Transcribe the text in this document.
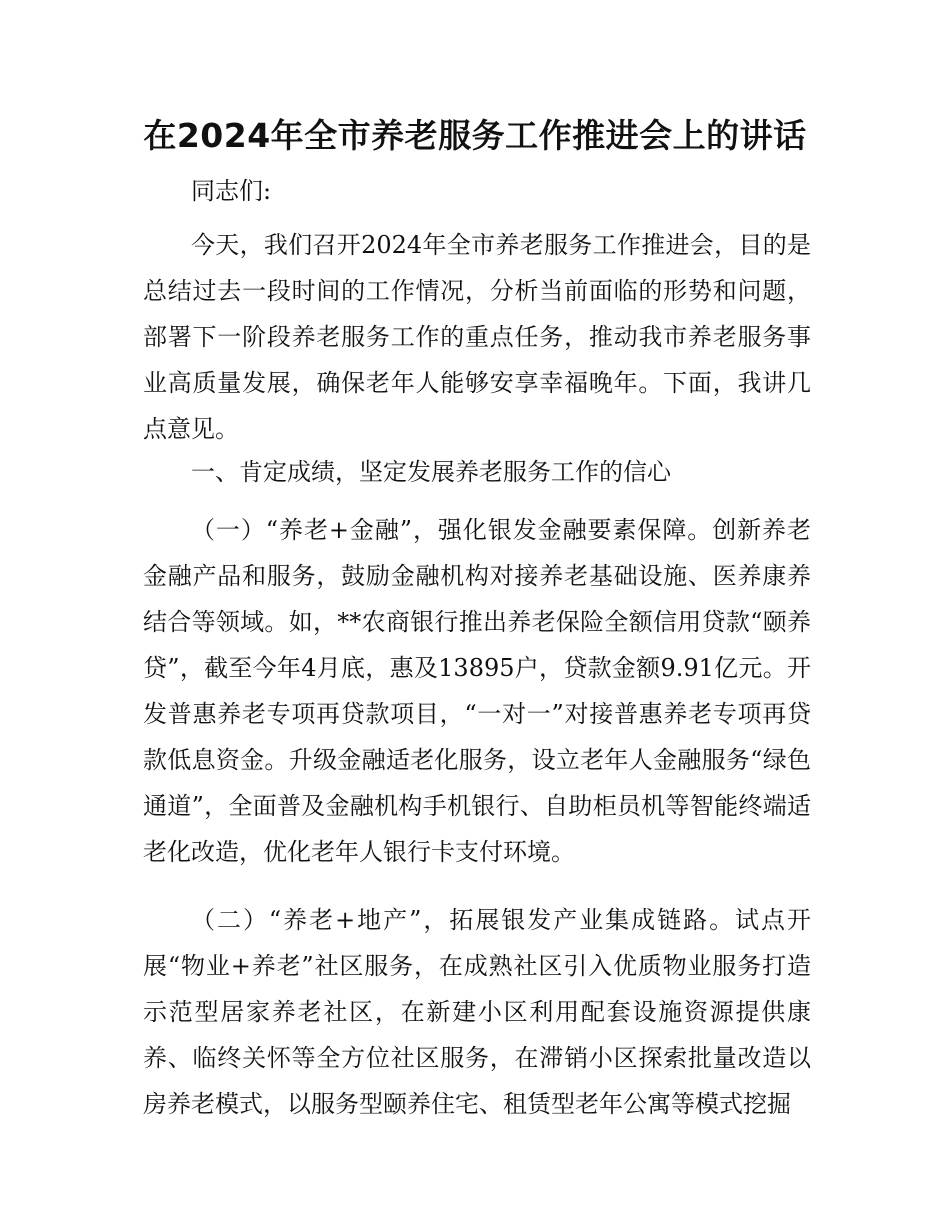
在2024年全市养老服务工作推进会上的讲话

同志们:

今天，我们召开2024年全市养老服务工作推进会，目的是总结过去一段时间的工作情况，分析当前面临的形势和问题，部署下一阶段养老服务工作的重点任务，推动我市养老服务事业高质量发展，确保老年人能够安享幸福晚年。下面，我讲几点意见。

一、肯定成绩，坚定发展养老服务工作的信心

（一）“养老+金融”，强化银发金融要素保障。创新养老金融产品和服务，鼓励金融机构对接养老基础设施、医养康养结合等领域。如，**农商银行推出养老保险全额信用贷款“颐养贷”，截至今年4月底，惠及13895户，贷款金额9.91亿元。开发普惠养老专项再贷款项目，“一对一”对接普惠养老专项再贷款低息资金。升级金融适老化服务，设立老年人金融服务“绿色通道”，全面普及金融机构手机银行、自助柜员机等智能终端适老化改造，优化老年人银行卡支付环境。

（二）“养老+地产”，拓展银发产业集成链路。试点开展“物业+养老”社区服务，在成熟社区引入优质物业服务打造示范型居家养老社区，在新建小区利用配套设施资源提供康养、临终关怀等全方位社区服务，在滞销小区探索批量改造以房养老模式，以服务型颐养住宅、租赁型老年公寓等模式挖掘
